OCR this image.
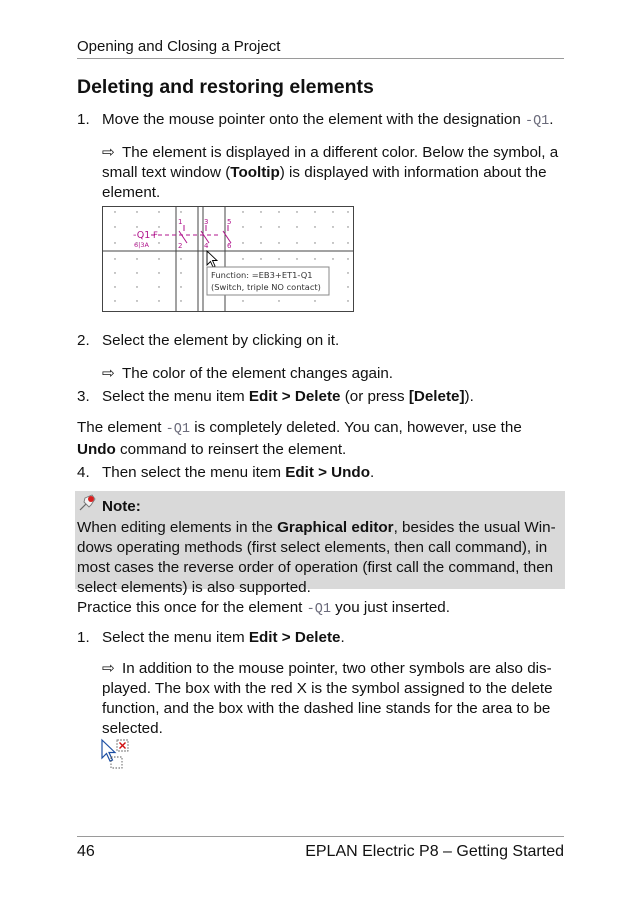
Opening and Closing a Project
Deleting and restoring elements
1. Move the mouse pointer onto the element with the designation -Q1.
⇨ The element is displayed in a different color. Below the symbol, a small text window (Tooltip) is displayed with information about the element.
1	3	5
2	4	6
-Q1 F
6|3A
Function: =EB3+ET1-Q1
(Switch, triple NO contact)
2. Select the element by clicking on it.
⇨ The color of the element changes again.
3. Select the menu item Edit > Delete (or press [Delete]).
The element -Q1 is completely deleted. You can, however, use the Undo command to reinsert the element.
4. Then select the menu item Edit > Undo.
Note:
When editing elements in the Graphical editor, besides the usual Win-dows operating methods (first select elements, then call command), in most cases the reverse order of operation (first call the command, then select elements) is also supported.
Practice this once for the element -Q1 you just inserted.
1. Select the menu item Edit > Delete.
⇨ In addition to the mouse pointer, two other symbols are also dis-played. The box with the red X is the symbol assigned to the delete function, and the box with the dashed line stands for the area to be selected.
46	EPLAN Electric P8 – Getting Started
